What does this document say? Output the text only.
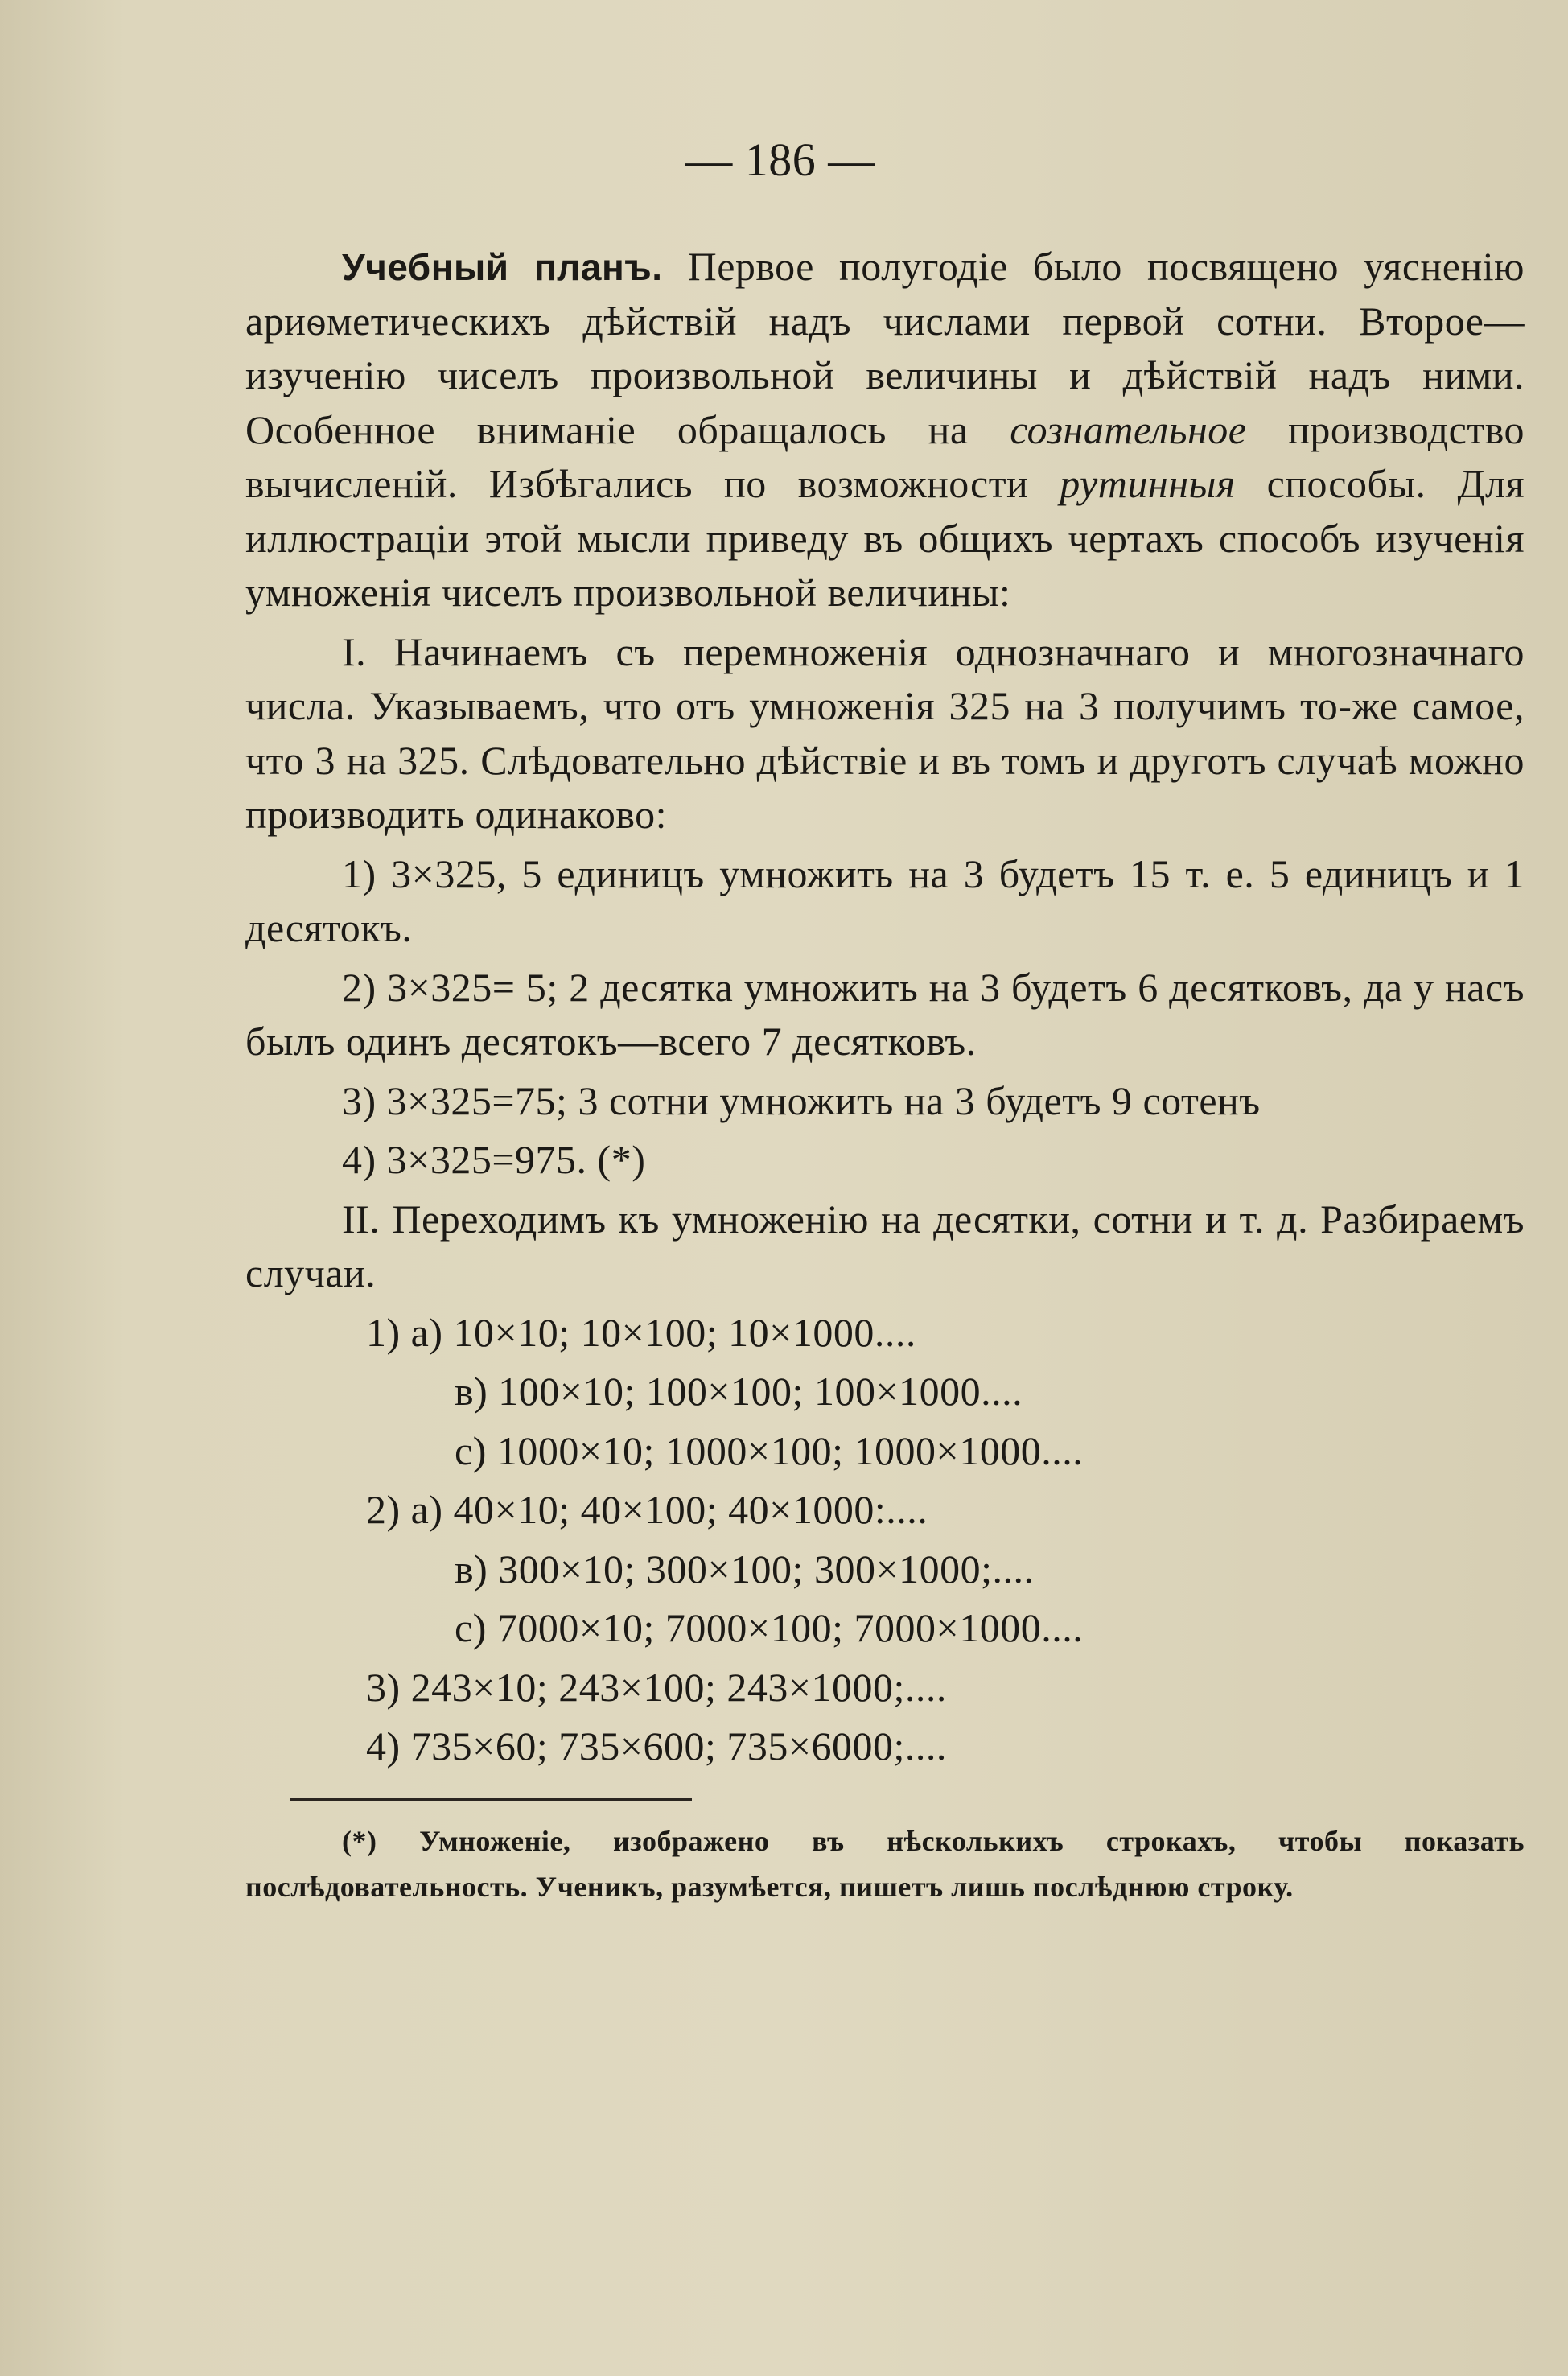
— 186 —

Учебный планъ. Первое полугодіе было посвящено уясненію ариѳметическихъ дѣйствій надъ числами первой сотни. Второе—изученію чиселъ произвольной величины и дѣйствій надъ ними. Особенное вниманіе обращалось на сознательное производство вычисленій. Избѣгались по возможности рутинныя способы. Для иллюстраціи этой мысли приведу въ общихъ чертахъ способъ изученія умноженія чиселъ произвольной величины:

I. Начинаемъ съ перемноженія однозначнаго и многозначнаго числа. Указываемъ, что отъ умноженія 325 на 3 получимъ то-же самое, что 3 на 325. Слѣдовательно дѣйствіе и въ томъ и друготъ случаѣ можно производить одинаково:

1) 3×325, 5 единицъ умножить на 3 будетъ 15 т. е. 5 единицъ и 1 десятокъ.

2) 3×325= 5; 2 десятка умножить на 3 будетъ 6 десятковъ, да у насъ былъ одинъ десятокъ—всего 7 десятковъ.

3) 3×325=75; 3 сотни умножить на 3 будетъ 9 сотенъ

4) 3×325=975. (*)

II. Переходимъ къ умноженію на десятки, сотни и т. д. Разбираемъ случаи.

1) а) 10×10; 10×100; 10×1000....

в) 100×10; 100×100; 100×1000....

с) 1000×10; 1000×100; 1000×1000....

2) а) 40×10; 40×100; 40×1000:....

в) 300×10; 300×100; 300×1000;....

с) 7000×10; 7000×100; 7000×1000....

3) 243×10; 243×100; 243×1000;....

4) 735×60; 735×600; 735×6000;....

(*) Умноженіе, изображено въ нѣсколькихъ строкахъ, чтобы показать послѣдовательность. Ученикъ, разумѣется, пишетъ лишь послѣднюю строку.
